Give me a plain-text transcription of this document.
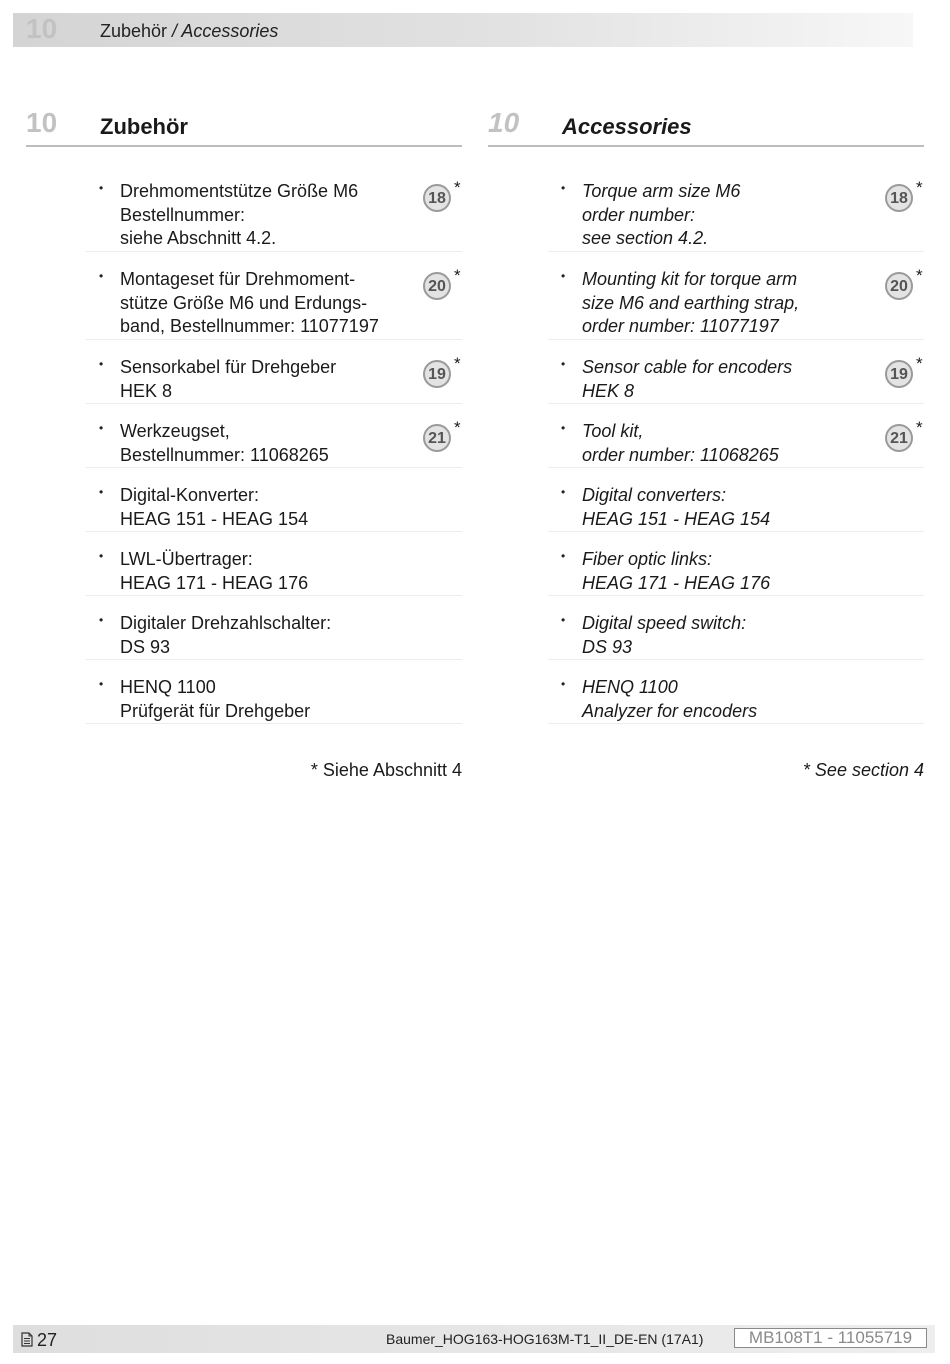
10 Zubehör / Accessories
10 Zubehör
• Drehmomentstütze Größe M6
Bestellnummer:
siehe Abschnitt 4.2.
18
*
• Montageset für Drehmoment-
stütze Größe M6 und Erdungs-
band, Bestellnummer: 11077197
20
*
• Sensorkabel für Drehgeber
HEK 8
19
*
• Werkzeugset,
Bestellnummer: 11068265
21
*
• Digital-Konverter:
HEAG 151 - HEAG 154
• LWL-Übertrager:
HEAG 171 - HEAG 176
• Digitaler Drehzahlschalter:
DS 93
• HENQ 1100
Prüfgerät für Drehgeber
* Siehe Abschnitt 4
10 Accessories
• Torque arm size M6
order number:
see section 4.2.
18
*
• Mounting kit for torque arm
size M6 and earthing strap,
order number: 11077197
20
*
• Sensor cable for encoders
HEK 8
19
*
• Tool kit,
order number: 11068265
21
*
• Digital converters:
HEAG 151 - HEAG 154
• Fiber optic links:
HEAG 171 - HEAG 176
• Digital speed switch:
DS 93
• HENQ 1100
Analyzer for encoders
* See section 4
27	Baumer_HOG163-HOG163M-T1_II_DE-EN (17A1)	MB108T1 - 11055719
